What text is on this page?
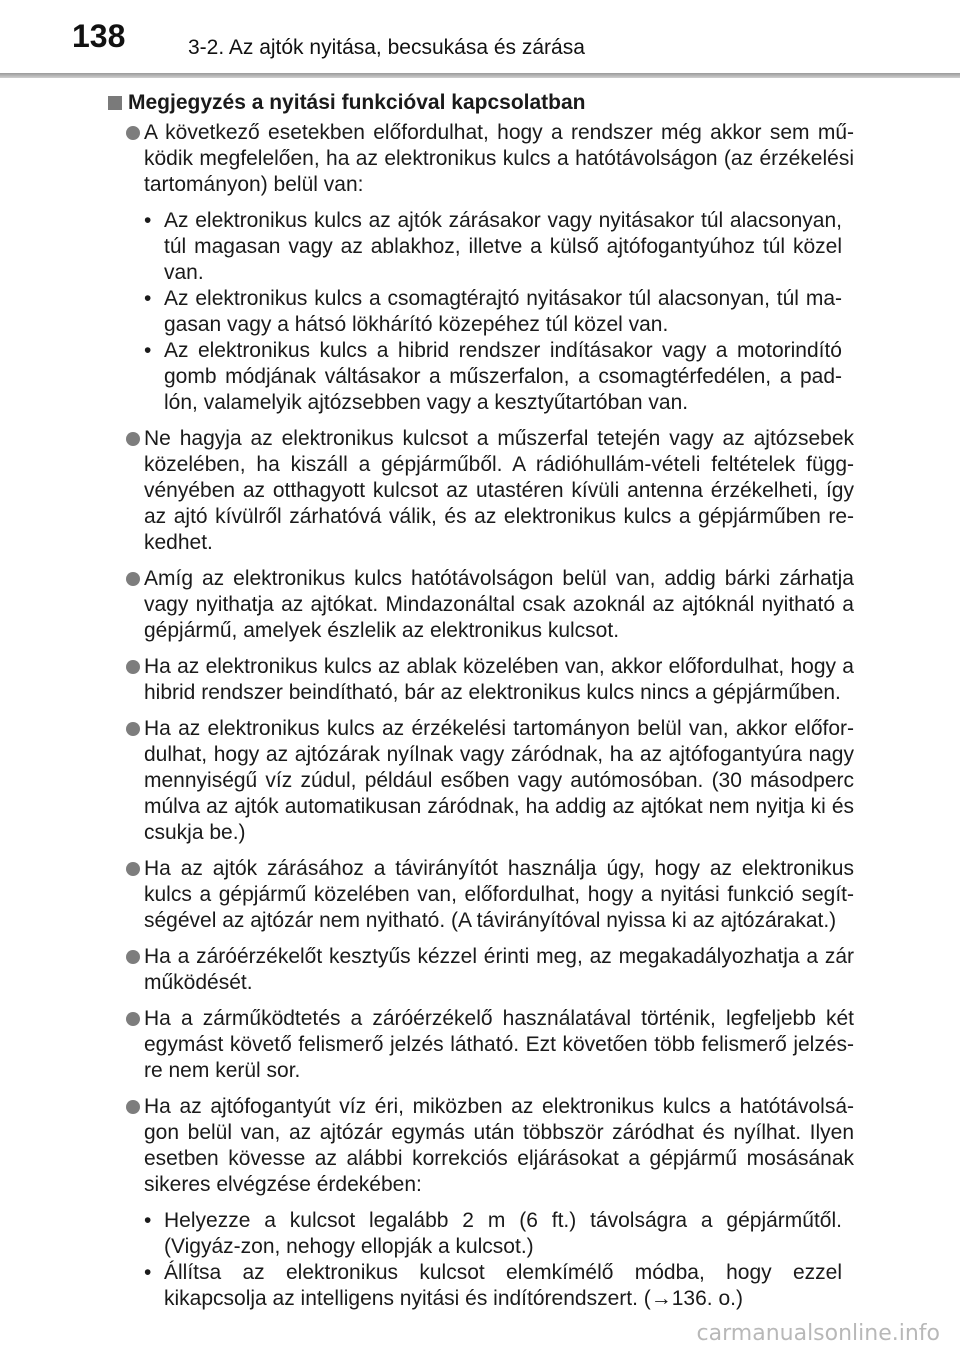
138	3-2. Az ajtók nyitása, becsukása és zárása
Megjegyzés a nyitási funkcióval kapcsolatban
A következő esetekben előfordulhat, hogy a rendszer még akkor sem mű-ködik megfelelően, ha az elektronikus kulcs a hatótávolságon (az érzékelési tartományon) belül van:
• Az elektronikus kulcs az ajtók zárásakor vagy nyitásakor túl alacsonyan, túl magasan vagy az ablakhoz, illetve a külső ajtófogantyúhoz túl közel van.
• Az elektronikus kulcs a csomagtérajtó nyitásakor túl alacsonyan, túl ma-gasan vagy a hátsó lökhárító közepéhez túl közel van.
• Az elektronikus kulcs a hibrid rendszer indításakor vagy a motorindító gomb módjának váltásakor a műszerfalon, a csomagtérfedélen, a pad-lón, valamelyik ajtózsebben vagy a kesztyűtartóban van.
Ne hagyja az elektronikus kulcsot a műszerfal tetején vagy az ajtózsebek közelében, ha kiszáll a gépjárműből. A rádióhullám-vételi feltételek függ-vényében az otthagyott kulcsot az utastéren kívüli antenna érzékelheti, így az ajtó kívülről zárhatóvá válik, és az elektronikus kulcs a gépjárműben re-kedhet.
Amíg az elektronikus kulcs hatótávolságon belül van, addig bárki zárhatja vagy nyithatja az ajtókat. Mindazonáltal csak azoknál az ajtóknál nyitható a gépjármű, amelyek észlelik az elektronikus kulcsot.
Ha az elektronikus kulcs az ablak közelében van, akkor előfordulhat, hogy a hibrid rendszer beindítható, bár az elektronikus kulcs nincs a gépjárműben.
Ha az elektronikus kulcs az érzékelési tartományon belül van, akkor előfor-dulhat, hogy az ajtózárak nyílnak vagy záródnak, ha az ajtófogantyúra nagy mennyiségű víz zúdul, például esőben vagy autómosóban. (30 másodperc múlva az ajtók automatikusan záródnak, ha addig az ajtókat nem nyitja ki és csukja be.)
Ha az ajtók zárásához a távirányítót használja úgy, hogy az elektronikus kulcs a gépjármű közelében van, előfordulhat, hogy a nyitási funkció segít-ségével az ajtózár nem nyitható. (A távirányítóval nyissa ki az ajtózárakat.)
Ha a záróérzékelőt kesztyűs kézzel érinti meg, az megakadályozhatja a zár működését.
Ha a zárműködtetés a záróérzékelő használatával történik, legfeljebb két egymást követő felismerő jelzés látható. Ezt követően több felismerő jelzés-re nem kerül sor.
Ha az ajtófogantyút víz éri, miközben az elektronikus kulcs a hatótávolsá-gon belül van, az ajtózár egymás után többször záródhat és nyílhat. Ilyen esetben kövesse az alábbi korrekciós eljárásokat a gépjármű mosásának sikeres elvégzése érdekében:
• Helyezze a kulcsot legalább 2 m (6 ft.) távolságra a gépjárműtől. (Vigyáz-zon, nehogy ellopják a kulcsot.)
• Állítsa az elektronikus kulcsot elemkímélő módba, hogy ezzel kikapcsolja az intelligens nyitási és indítórendszert. (→136. o.)
carmanualsonline.info
